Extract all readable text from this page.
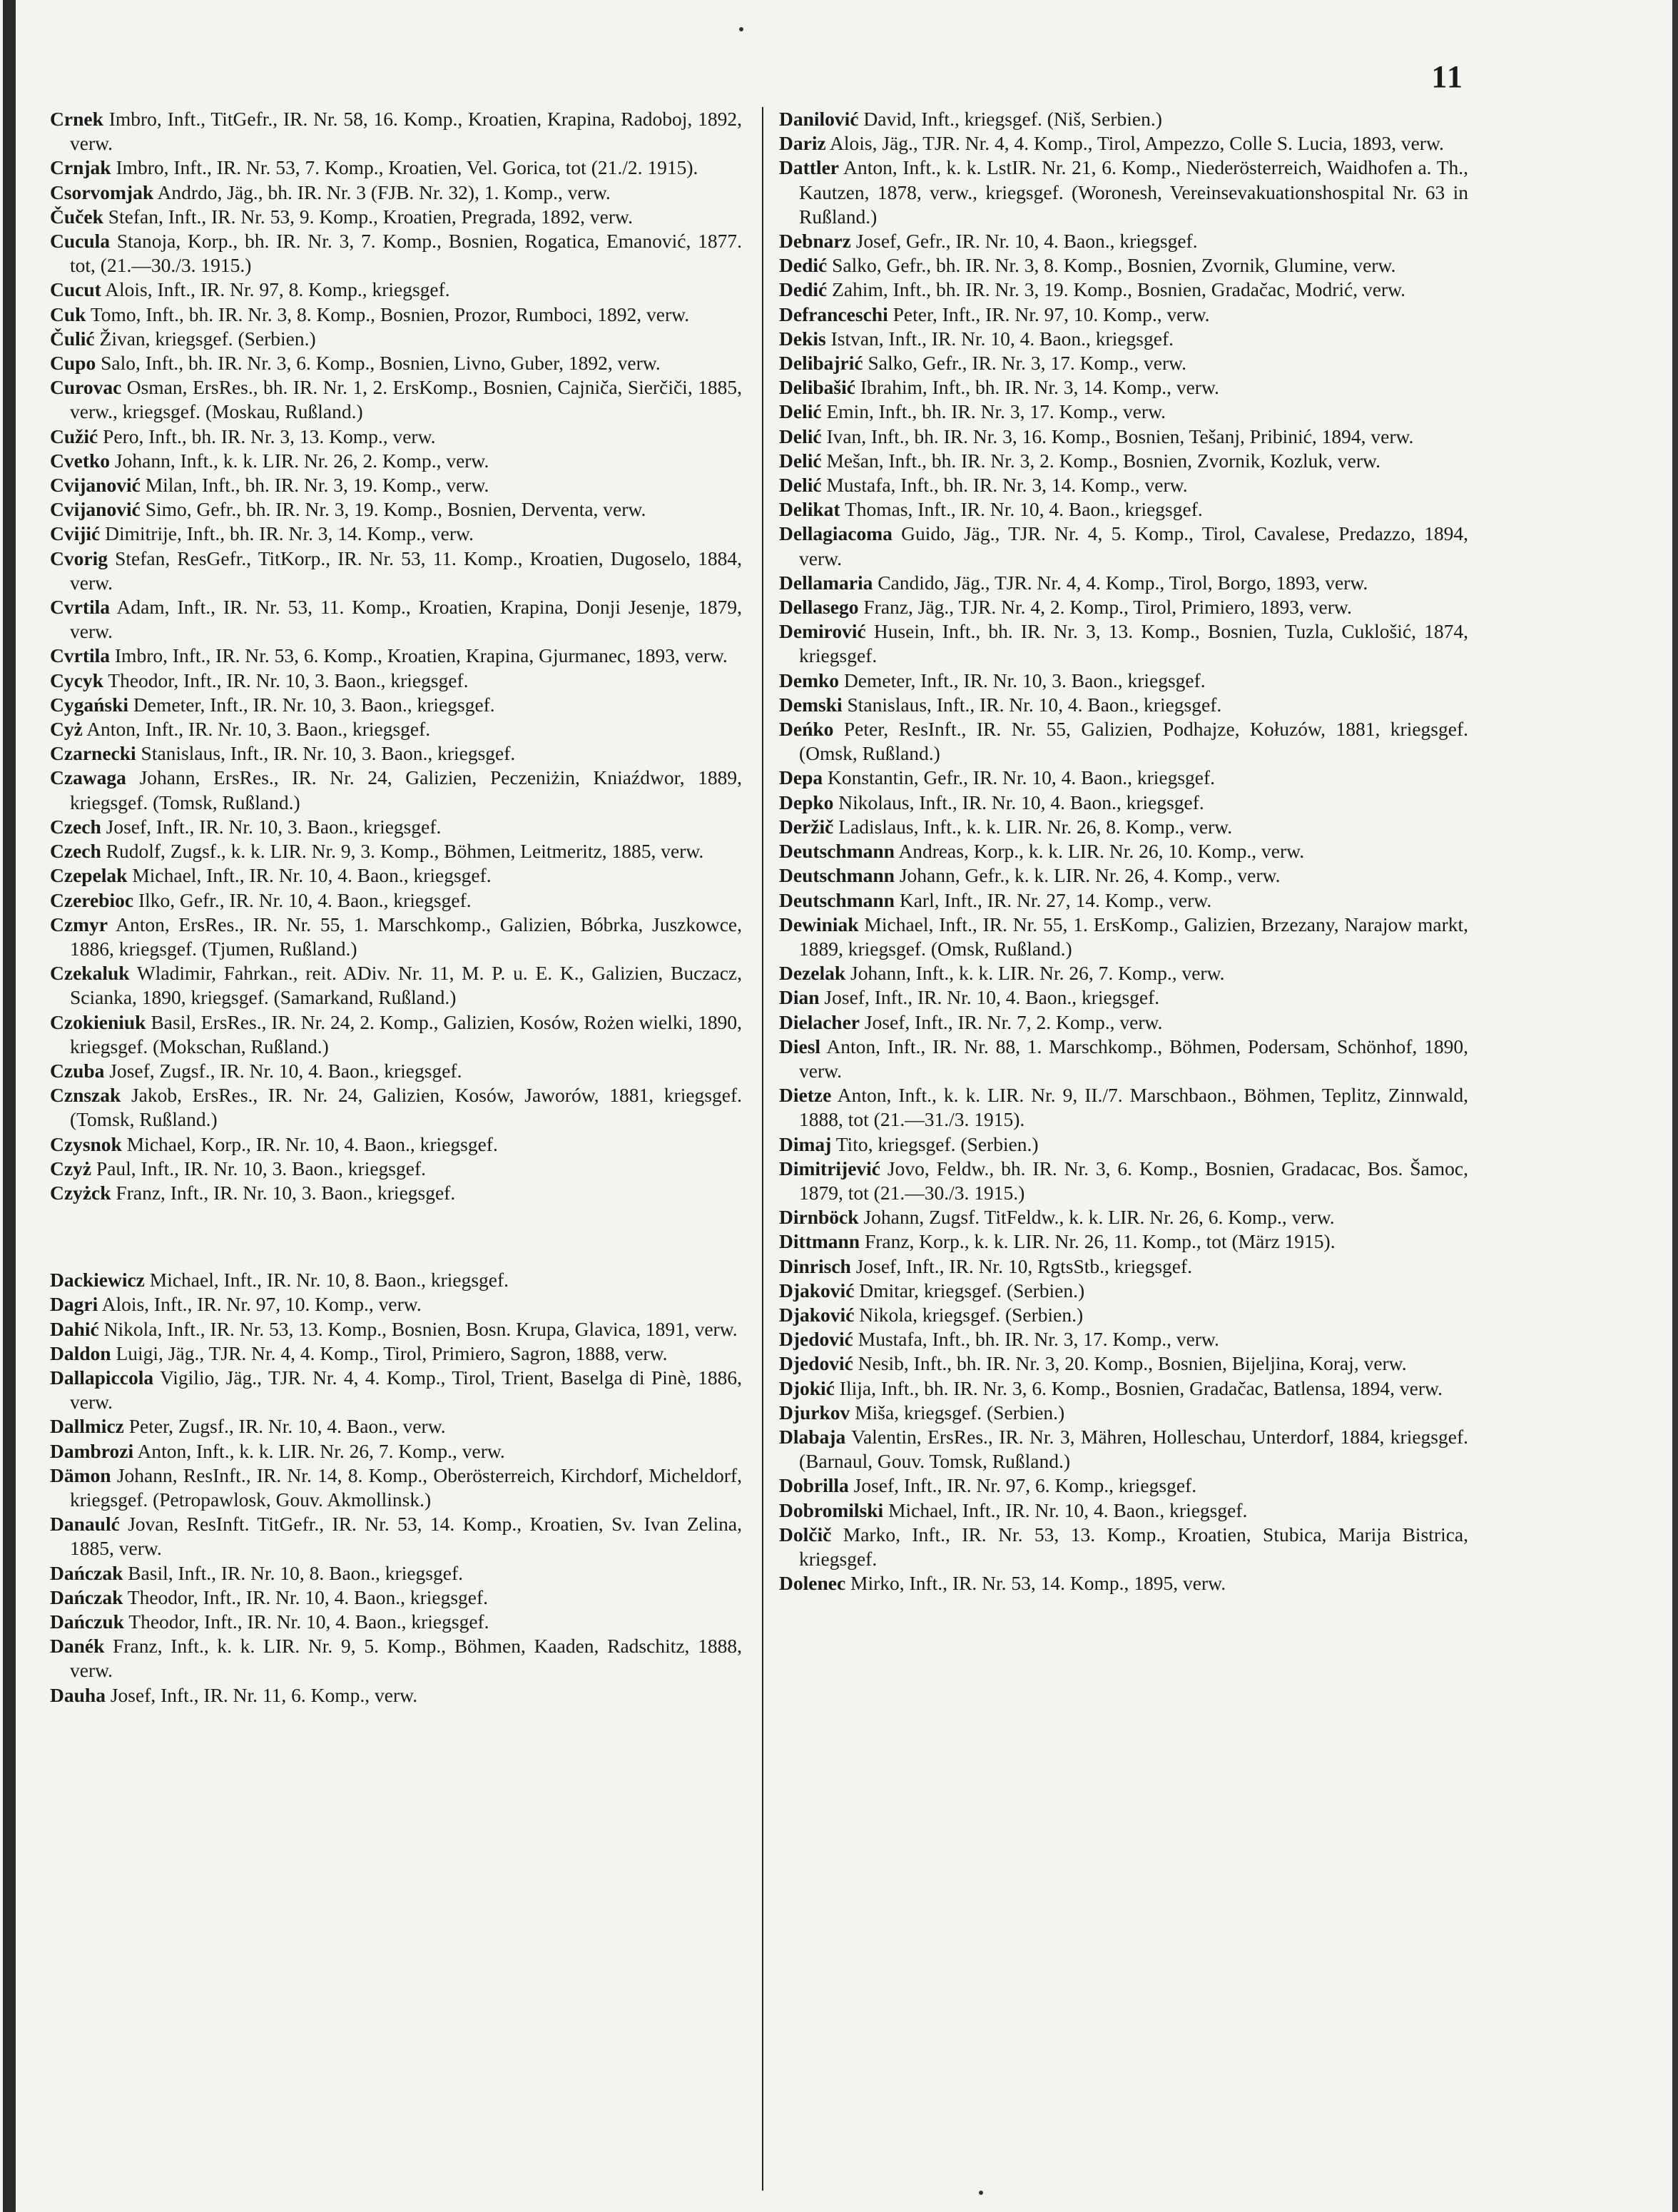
11

Crnek Imbro, Inft., TitGefr., IR. Nr. 58, 16. Komp., Kroatien, Krapina, Radoboj, 1892, verw.

Crnjak Imbro, Inft., IR. Nr. 53, 7. Komp., Kroatien, Vel. Gorica, tot (21./2. 1915).

Csorvomjak Andrdo, Jäg., bh. IR. Nr. 3 (FJB. Nr. 32), 1. Komp., verw.

Čuček Stefan, Inft., IR. Nr. 53, 9. Komp., Kroatien, Pregrada, 1892, verw.

Cucula Stanoja, Korp., bh. IR. Nr. 3, 7. Komp., Bosnien, Rogatica, Emanović, 1877. tot, (21.—30./3. 1915.)

Cucut Alois, Inft., IR. Nr. 97, 8. Komp., kriegsgef.

Cuk Tomo, Inft., bh. IR. Nr. 3, 8. Komp., Bosnien, Prozor, Rumboci, 1892, verw.

Čulić Živan, kriegsgef. (Serbien.)

Cupo Salo, Inft., bh. IR. Nr. 3, 6. Komp., Bosnien, Livno, Guber, 1892, verw.

Curovac Osman, ErsRes., bh. IR. Nr. 1, 2. ErsKomp., Bosnien, Cajniča, Sierčiči, 1885, verw., kriegsgef. (Moskau, Rußland.)

Cužić Pero, Inft., bh. IR. Nr. 3, 13. Komp., verw.

Cvetko Johann, Inft., k. k. LIR. Nr. 26, 2. Komp., verw.

Cvijanović Milan, Inft., bh. IR. Nr. 3, 19. Komp., verw.

Cvijanović Simo, Gefr., bh. IR. Nr. 3, 19. Komp., Bosnien, Derventa, verw.

Cvijić Dimitrije, Inft., bh. IR. Nr. 3, 14. Komp., verw.

Cvorig Stefan, ResGefr., TitKorp., IR. Nr. 53, 11. Komp., Kroatien, Dugoselo, 1884, verw.

Cvrtila Adam, Inft., IR. Nr. 53, 11. Komp., Kroatien, Krapina, Donji Jesenje, 1879, verw.

Cvrtila Imbro, Inft., IR. Nr. 53, 6. Komp., Kroatien, Krapina, Gjurmanec, 1893, verw.

Cycyk Theodor, Inft., IR. Nr. 10, 3. Baon., kriegsgef.

Cygański Demeter, Inft., IR. Nr. 10, 3. Baon., kriegsgef.

Cyż Anton, Inft., IR. Nr. 10, 3. Baon., kriegsgef.

Czarnecki Stanislaus, Inft., IR. Nr. 10, 3. Baon., kriegsgef.

Czawaga Johann, ErsRes., IR. Nr. 24, Galizien, Peczeniżin, Kniaźdwor, 1889, kriegsgef. (Tomsk, Rußland.)

Czech Josef, Inft., IR. Nr. 10, 3. Baon., kriegsgef.

Czech Rudolf, Zugsf., k. k. LIR. Nr. 9, 3. Komp., Böhmen, Leitmeritz, 1885, verw.

Czepelak Michael, Inft., IR. Nr. 10, 4. Baon., kriegsgef.

Czerebioc Ilko, Gefr., IR. Nr. 10, 4. Baon., kriegsgef.

Czmyr Anton, ErsRes., IR. Nr. 55, 1. Marschkomp., Galizien, Bóbrka, Juszkowce, 1886, kriegsgef. (Tjumen, Rußland.)

Czekaluk Wladimir, Fahrkan., reit. ADiv. Nr. 11, M. P. u. E. K., Galizien, Buczacz, Scianka, 1890, kriegsgef. (Samarkand, Rußland.)

Czokieniuk Basil, ErsRes., IR. Nr. 24, 2. Komp., Galizien, Kosów, Rożen wielki, 1890, kriegsgef. (Mokschan, Rußland.)

Czuba Josef, Zugsf., IR. Nr. 10, 4. Baon., kriegsgef.

Cznszak Jakob, ErsRes., IR. Nr. 24, Galizien, Kosów, Jaworów, 1881, kriegsgef. (Tomsk, Rußland.)

Czysnok Michael, Korp., IR. Nr. 10, 4. Baon., kriegsgef.

Czyż Paul, Inft., IR. Nr. 10, 3. Baon., kriegsgef.

Czyżck Franz, Inft., IR. Nr. 10, 3. Baon., kriegsgef.

Dackiewicz Michael, Inft., IR. Nr. 10, 8. Baon., kriegsgef.

Dagri Alois, Inft., IR. Nr. 97, 10. Komp., verw.

Dahić Nikola, Inft., IR. Nr. 53, 13. Komp., Bosnien, Bosn. Krupa, Glavica, 1891, verw.

Daldon Luigi, Jäg., TJR. Nr. 4, 4. Komp., Tirol, Primiero, Sagron, 1888, verw.

Dallapiccola Vigilio, Jäg., TJR. Nr. 4, 4. Komp., Tirol, Trient, Baselga di Pinè, 1886, verw.

Dallmicz Peter, Zugsf., IR. Nr. 10, 4. Baon., verw.

Dambrozi Anton, Inft., k. k. LIR. Nr. 26, 7. Komp., verw.

Dämon Johann, ResInft., IR. Nr. 14, 8. Komp., Oberösterreich, Kirchdorf, Micheldorf, kriegsgef. (Petropawlosk, Gouv. Akmollinsk.)

Danaulć Jovan, ResInft. TitGefr., IR. Nr. 53, 14. Komp., Kroatien, Sv. Ivan Zelina, 1885, verw.

Dańczak Basil, Inft., IR. Nr. 10, 8. Baon., kriegsgef.

Dańczak Theodor, Inft., IR. Nr. 10, 4. Baon., kriegsgef.

Dańczuk Theodor, Inft., IR. Nr. 10, 4. Baon., kriegsgef.

Danék Franz, Inft., k. k. LIR. Nr. 9, 5. Komp., Böhmen, Kaaden, Radschitz, 1888, verw.

Dauha Josef, Inft., IR. Nr. 11, 6. Komp., verw.

Danilović David, Inft., kriegsgef. (Niš, Serbien.)

Dariz Alois, Jäg., TJR. Nr. 4, 4. Komp., Tirol, Ampezzo, Colle S. Lucia, 1893, verw.

Dattler Anton, Inft., k. k. LstIR. Nr. 21, 6. Komp., Niederösterreich, Waidhofen a. Th., Kautzen, 1878, verw., kriegsgef. (Woronesh, Vereinsevakuationshospital Nr. 63 in Rußland.)

Debnarz Josef, Gefr., IR. Nr. 10, 4. Baon., kriegsgef.

Dedić Salko, Gefr., bh. IR. Nr. 3, 8. Komp., Bosnien, Zvornik, Glumine, verw.

Dedić Zahim, Inft., bh. IR. Nr. 3, 19. Komp., Bosnien, Gradačac, Modrić, verw.

Defranceschi Peter, Inft., IR. Nr. 97, 10. Komp., verw.

Dekis Istvan, Inft., IR. Nr. 10, 4. Baon., kriegsgef.

Delibajrić Salko, Gefr., IR. Nr. 3, 17. Komp., verw.

Delibašić Ibrahim, Inft., bh. IR. Nr. 3, 14. Komp., verw.

Delić Emin, Inft., bh. IR. Nr. 3, 17. Komp., verw.

Delić Ivan, Inft., bh. IR. Nr. 3, 16. Komp., Bosnien, Tešanj, Pribinić, 1894, verw.

Delić Mešan, Inft., bh. IR. Nr. 3, 2. Komp., Bosnien, Zvornik, Kozluk, verw.

Delić Mustafa, Inft., bh. IR. Nr. 3, 14. Komp., verw.

Delikat Thomas, Inft., IR. Nr. 10, 4. Baon., kriegsgef.

Dellagiacoma Guido, Jäg., TJR. Nr. 4, 5. Komp., Tirol, Cavalese, Predazzo, 1894, verw.

Dellamaria Candido, Jäg., TJR. Nr. 4, 4. Komp., Tirol, Borgo, 1893, verw.

Dellasego Franz, Jäg., TJR. Nr. 4, 2. Komp., Tirol, Primiero, 1893, verw.

Demirović Husein, Inft., bh. IR. Nr. 3, 13. Komp., Bosnien, Tuzla, Cuklošić, 1874, kriegsgef.

Demko Demeter, Inft., IR. Nr. 10, 3. Baon., kriegsgef.

Demski Stanislaus, Inft., IR. Nr. 10, 4. Baon., kriegsgef.

Deńko Peter, ResInft., IR. Nr. 55, Galizien, Podhajze, Kołuzów, 1881, kriegsgef. (Omsk, Rußland.)

Depa Konstantin, Gefr., IR. Nr. 10, 4. Baon., kriegsgef.

Depko Nikolaus, Inft., IR. Nr. 10, 4. Baon., kriegsgef.

Deržič Ladislaus, Inft., k. k. LIR. Nr. 26, 8. Komp., verw.

Deutschmann Andreas, Korp., k. k. LIR. Nr. 26, 10. Komp., verw.

Deutschmann Johann, Gefr., k. k. LIR. Nr. 26, 4. Komp., verw.

Deutschmann Karl, Inft., IR. Nr. 27, 14. Komp., verw.

Dewiniak Michael, Inft., IR. Nr. 55, 1. ErsKomp., Galizien, Brzezany, Narajow markt, 1889, kriegsgef. (Omsk, Rußland.)

Dezelak Johann, Inft., k. k. LIR. Nr. 26, 7. Komp., verw.

Dian Josef, Inft., IR. Nr. 10, 4. Baon., kriegsgef.

Dielacher Josef, Inft., IR. Nr. 7, 2. Komp., verw.

Diesl Anton, Inft., IR. Nr. 88, 1. Marschkomp., Böhmen, Podersam, Schönhof, 1890, verw.

Dietze Anton, Inft., k. k. LIR. Nr. 9, II./7. Marschbaon., Böhmen, Teplitz, Zinnwald, 1888, tot (21.—31./3. 1915).

Dimaj Tito, kriegsgef. (Serbien.)

Dimitrijević Jovo, Feldw., bh. IR. Nr. 3, 6. Komp., Bosnien, Gradacac, Bos. Šamoc, 1879, tot (21.—30./3. 1915.)

Dirnböck Johann, Zugsf. TitFeldw., k. k. LIR. Nr. 26, 6. Komp., verw.

Dittmann Franz, Korp., k. k. LIR. Nr. 26, 11. Komp., tot (März 1915).

Dinrisch Josef, Inft., IR. Nr. 10, RgtsStb., kriegsgef.

Djaković Dmitar, kriegsgef. (Serbien.)

Djaković Nikola, kriegsgef. (Serbien.)

Djedović Mustafa, Inft., bh. IR. Nr. 3, 17. Komp., verw.

Djedović Nesib, Inft., bh. IR. Nr. 3, 20. Komp., Bosnien, Bijeljina, Koraj, verw.

Djokić Ilija, Inft., bh. IR. Nr. 3, 6. Komp., Bosnien, Gradačac, Batlensa, 1894, verw.

Djurkov Miša, kriegsgef. (Serbien.)

Dlabaja Valentin, ErsRes., IR. Nr. 3, Mähren, Holleschau, Unterdorf, 1884, kriegsgef. (Barnaul, Gouv. Tomsk, Rußland.)

Dobrilla Josef, Inft., IR. Nr. 97, 6. Komp., kriegsgef.

Dobromilski Michael, Inft., IR. Nr. 10, 4. Baon., kriegsgef.

Dolčič Marko, Inft., IR. Nr. 53, 13. Komp., Kroatien, Stubica, Marija Bistrica, kriegsgef.

Dolenec Mirko, Inft., IR. Nr. 53, 14. Komp., 1895, verw.
